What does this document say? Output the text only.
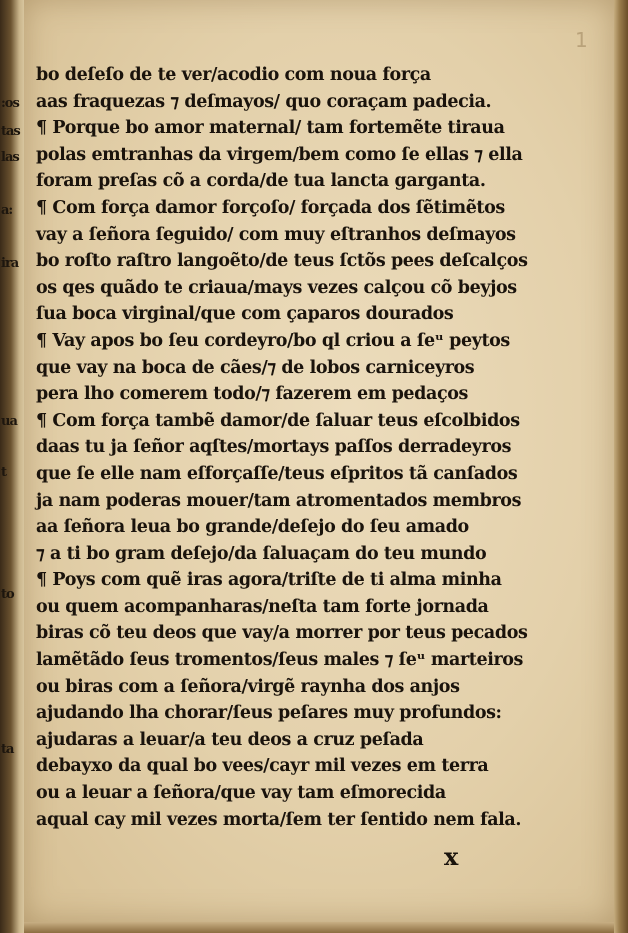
:os
tas
las
a:
ira
ua
t
to
ta
1
bo deſeſo de te ver/acodio com noua força
aas fraquezas ⁊ deſmayos/ quo coraçam padecia.
¶ Porque bo amor maternal/ tam fortemẽte tiraua
polas emtranhas da virgem/bem como ſe ellas ⁊ ella
foram preſas cõ a corda/de tua lancta garganta.
¶ Com força damor forçoſo/ forçada dos ſẽtimẽtos
vay a ſeñora ſeguido/ com muy eſtranhos deſmayos
bo roſto raſtro langoẽto/de teus ſctõs pees deſcalços
os qes quãdo te criaua/mays vezes calçou cõ beyjos
ſua boca virginal/que com çaparos dourados
¶ Vay apos bo ſeu cordeyro/bo ql criou a ſeᵘ peytos
que vay na boca de cães/⁊ de lobos carniceyros
pera lho comerem todo/⁊ fazerem em pedaços
¶ Com força tambẽ damor/de ſaluar teus eſcolbidos
daas tu ja ſeñor aqſtes/mortays paſſos derradeyros
que ſe elle nam eſforçaſſe/teus eſpritos tã canſados
ja nam poderas mouer/tam atromentados membros
aa ſeñora leua bo grande/deſejo do ſeu amado
⁊ a ti bo gram deſejo/da ſaluaçam do teu mundo
¶ Poys com quẽ iras agora/triſte de ti alma minha
ou quem acompanharas/neſta tam forte jornada
biras cõ teu deos que vay/a morrer por teus pecados
lamẽtãdo ſeus tromentos/ſeus males ⁊ ſeᵘ marteiros
ou biras com a ſeñora/virgẽ raynha dos anjos
ajudando lha chorar/ſeus peſares muy profundos:
ajudaras a leuar/a teu deos a cruz peſada
debayxo da qual bo vees/cayr mil vezes em terra
ou a leuar a ſeñora/que vay tam eſmorecida
aqual cay mil vezes morta/ſem ter ſentido nem fala.
x
